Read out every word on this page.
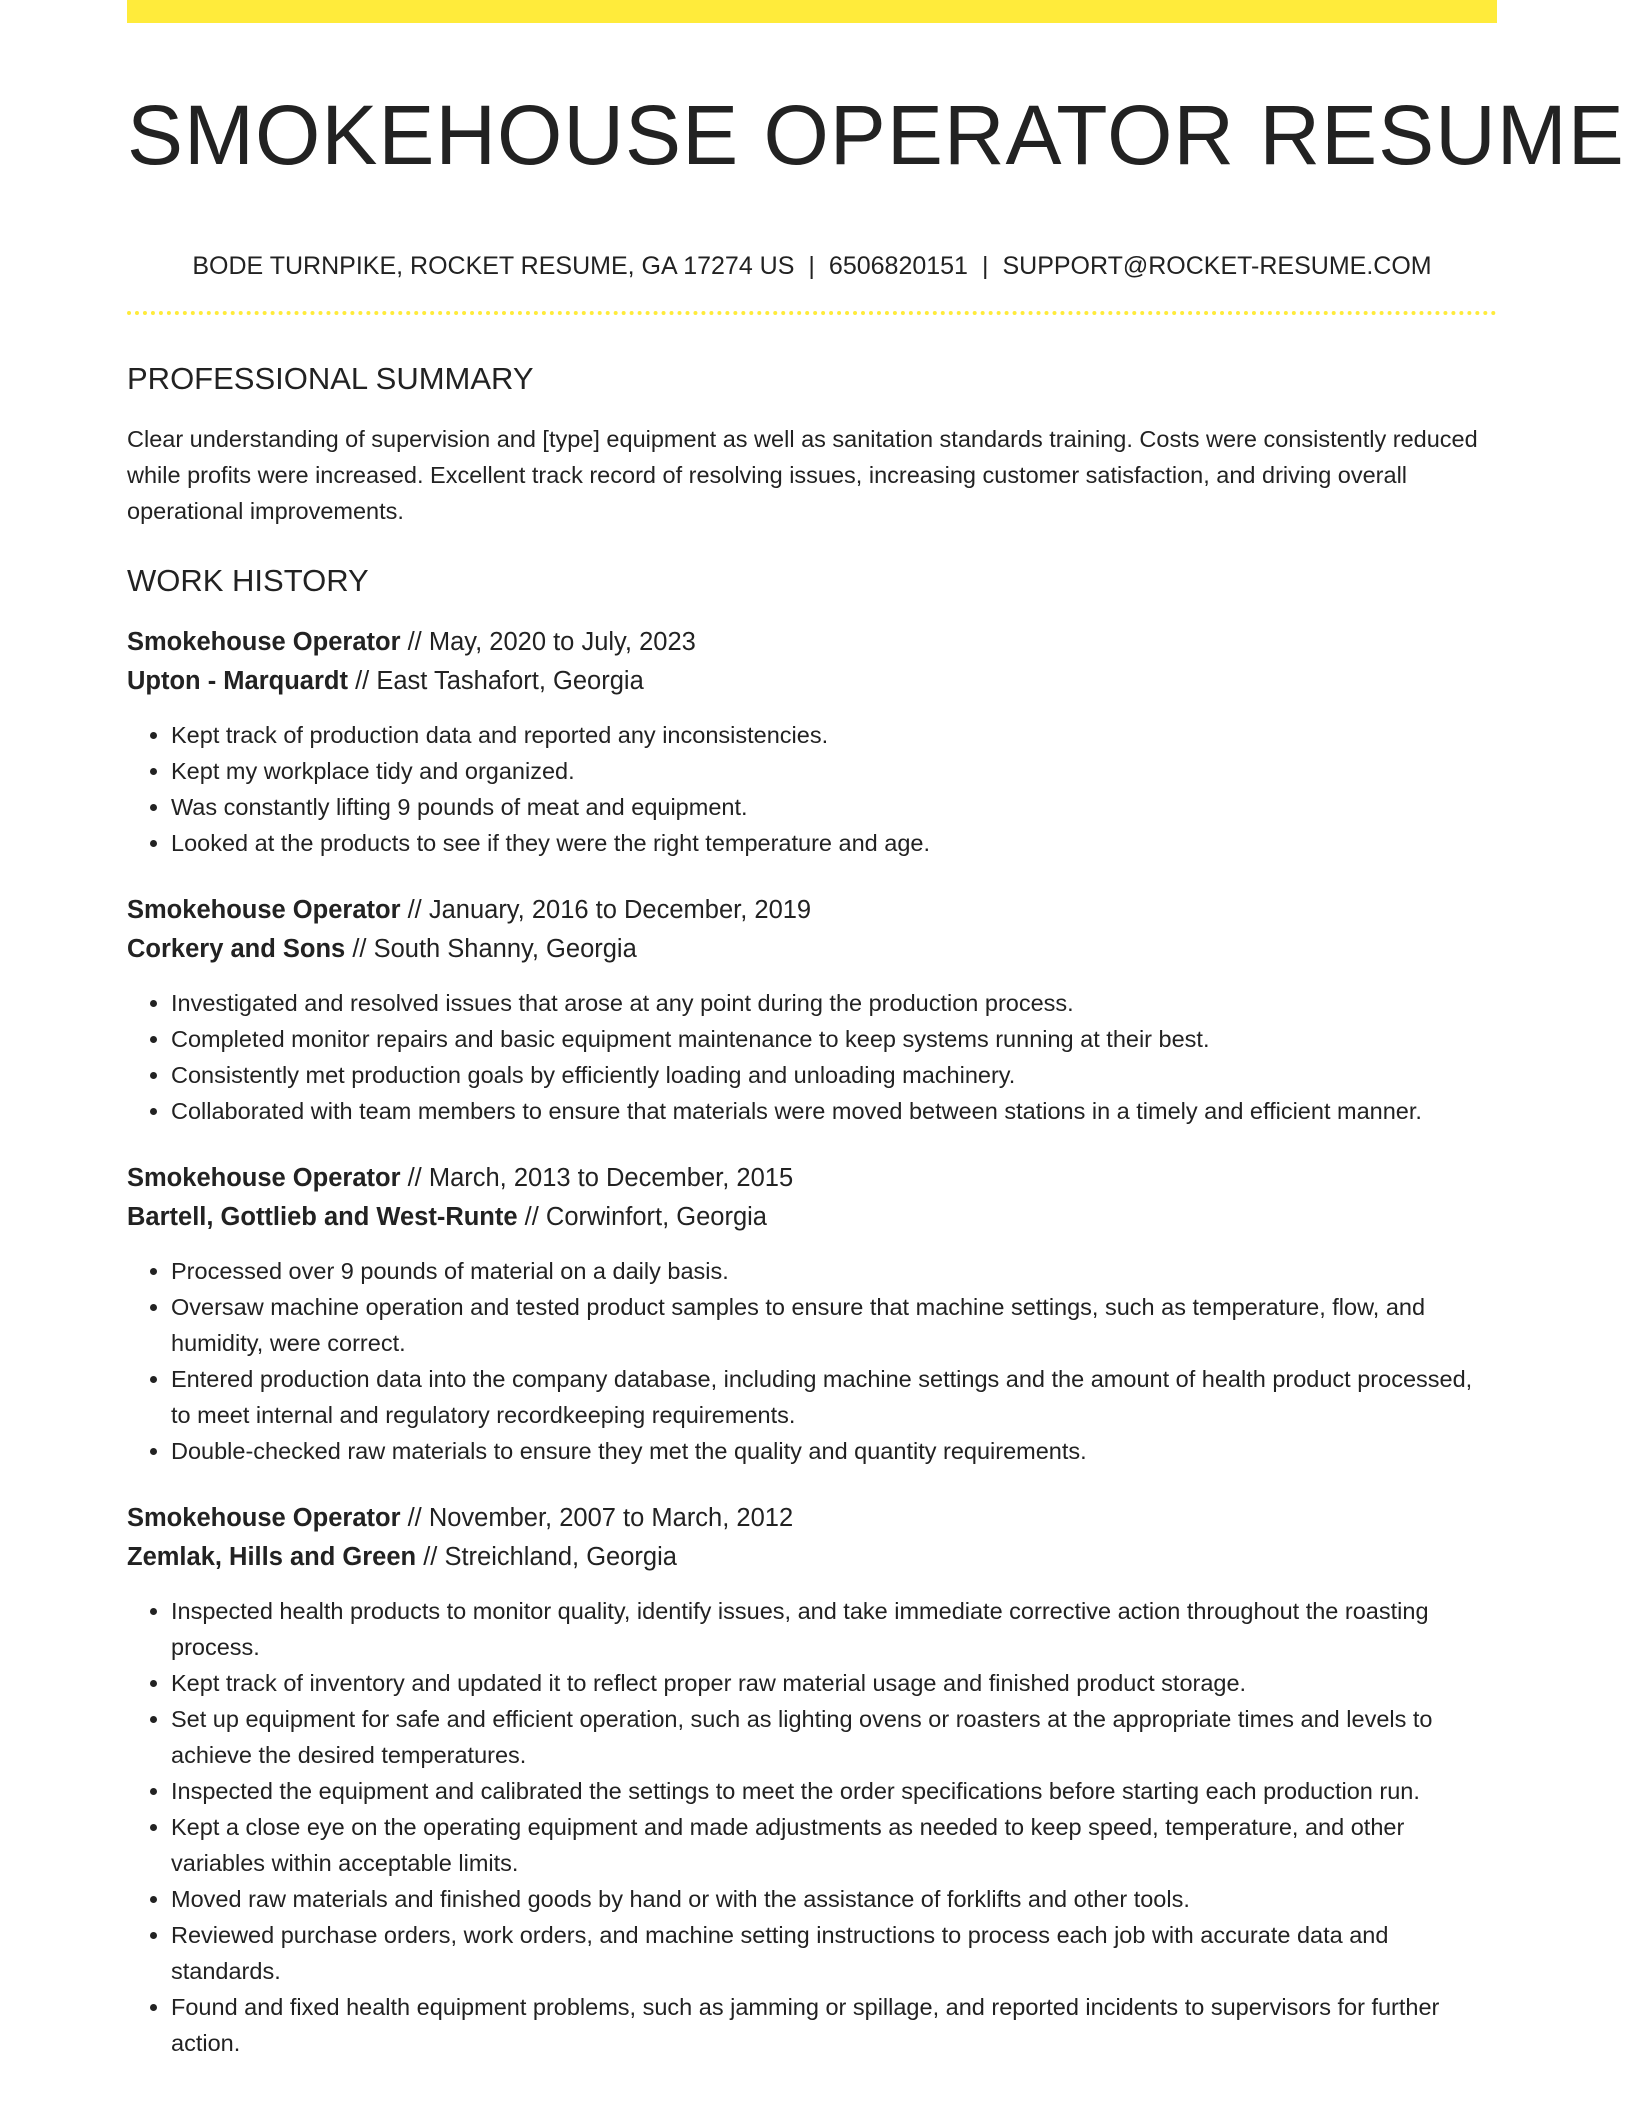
SMOKEHOUSE OPERATOR RESUME
BODE TURNPIKE, ROCKET RESUME, GA 17274 US | 6506820151 | SUPPORT@ROCKET-RESUME.COM
PROFESSIONAL SUMMARY

Clear understanding of supervision and [type] equipment as well as sanitation standards training. Costs were consistently reduced while profits were increased. Excellent track record of resolving issues, increasing customer satisfaction, and driving overall operational improvements.

WORK HISTORY
Smokehouse Operator // May, 2020 to July, 2023
Upton - Marquardt // East Tashafort, Georgia
• Kept track of production data and reported any inconsistencies.
• Kept my workplace tidy and organized.
• Was constantly lifting 9 pounds of meat and equipment.
• Looked at the products to see if they were the right temperature and age.
Smokehouse Operator // January, 2016 to December, 2019
Corkery and Sons // South Shanny, Georgia
• Investigated and resolved issues that arose at any point during the production process.
• Completed monitor repairs and basic equipment maintenance to keep systems running at their best.
• Consistently met production goals by efficiently loading and unloading machinery.
• Collaborated with team members to ensure that materials were moved between stations in a timely and efficient manner.
Smokehouse Operator // March, 2013 to December, 2015
Bartell, Gottlieb and West-Runte // Corwinfort, Georgia
• Processed over 9 pounds of material on a daily basis.
• Oversaw machine operation and tested product samples to ensure that machine settings, such as temperature, flow, and humidity, were correct.
• Entered production data into the company database, including machine settings and the amount of health product processed, to meet internal and regulatory recordkeeping requirements.
• Double-checked raw materials to ensure they met the quality and quantity requirements.
Smokehouse Operator // November, 2007 to March, 2012
Zemlak, Hills and Green // Streichland, Georgia
• Inspected health products to monitor quality, identify issues, and take immediate corrective action throughout the roasting process.
• Kept track of inventory and updated it to reflect proper raw material usage and finished product storage.
• Set up equipment for safe and efficient operation, such as lighting ovens or roasters at the appropriate times and levels to achieve the desired temperatures.
• Inspected the equipment and calibrated the settings to meet the order specifications before starting each production run.
• Kept a close eye on the operating equipment and made adjustments as needed to keep speed, temperature, and other variables within acceptable limits.
• Moved raw materials and finished goods by hand or with the assistance of forklifts and other tools.
• Reviewed purchase orders, work orders, and machine setting instructions to process each job with accurate data and standards.
• Found and fixed health equipment problems, such as jamming or spillage, and reported incidents to supervisors for further action.
